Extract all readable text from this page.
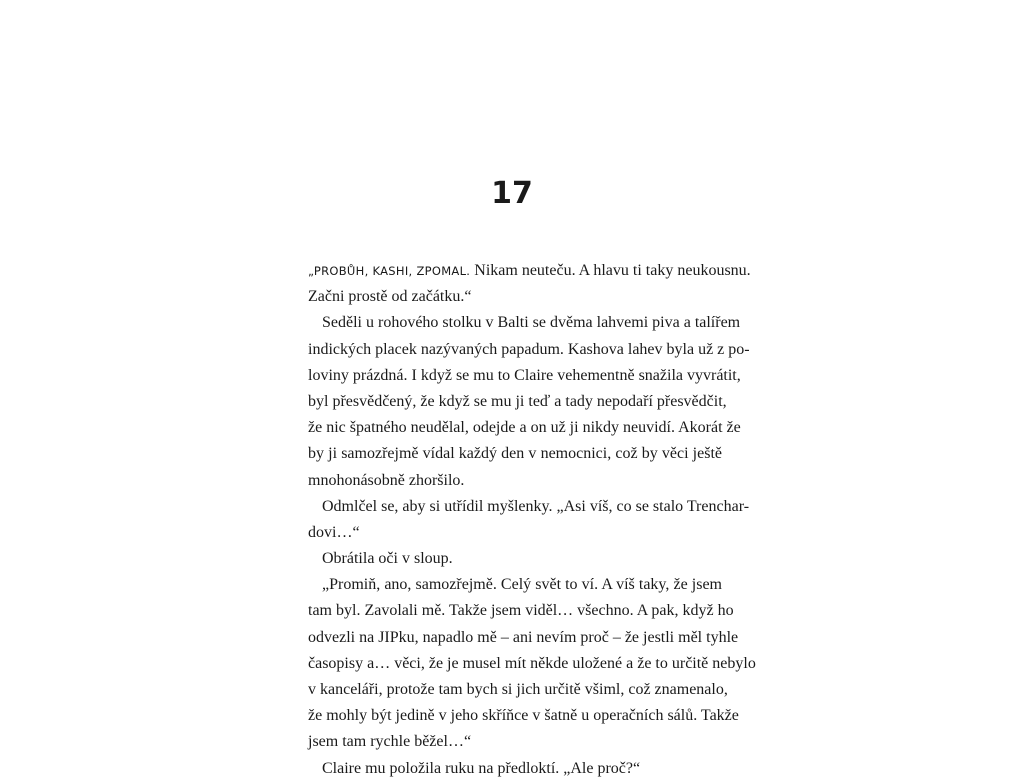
17
„PROBŮH, KASHI, ZPOMAL. Nikam neuteču. A hlavu ti taky neukousnu.
Začni prostě od začátku.“
Seděli u rohového stolku v Balti se dvěma lahvemi piva a talířem
indických placek nazývaných papadum. Kashova lahev byla už z po-
loviny prázdná. I když se mu to Claire vehementně snažila vyvrátit,
byl přesvědčený, že když se mu ji teď a tady nepodaří přesvědčit,
že nic špatného neudělal, odejde a on už ji nikdy neuvidí. Akorát že
by ji samozřejmě vídal každý den v nemocnici, což by věci ještě
mnohonásobně zhoršilo.
Odmlčel se, aby si utřídil myšlenky. „Asi víš, co se stalo Trenchar-
dovi…“
Obrátila oči v sloup.
„Promiň, ano, samozřejmě. Celý svět to ví. A víš taky, že jsem
tam byl. Zavolali mě. Takže jsem viděl… všechno. A pak, když ho
odvezli na JIPku, napadlo mě – ani nevím proč – že jestli měl tyhle
časopisy a… věci, že je musel mít někde uložené a že to určitě nebylo
v kanceláři, protože tam bych si jich určitě všiml, což znamenalo,
že mohly být jedině v jeho skříňce v šatně u operačních sálů. Takže
jsem tam rychle běžel…“
Claire mu položila ruku na předloktí. „Ale proč?“
